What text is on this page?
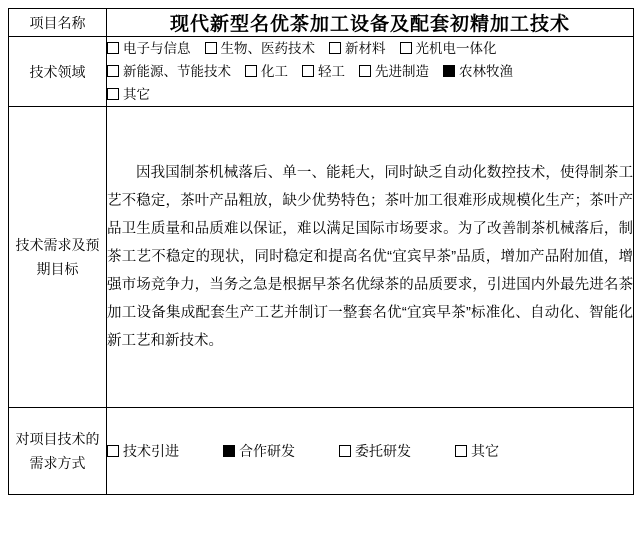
项目名称	现代新型名优茶加工设备及配套初精加工技术

技术领域	电子与信息 生物、医药技术 新材料 光机电一体化
新能源、节能技术 化工 轻工 先进制造 农林牧渔
其它

技术需求及预期目标	因我国制茶机械落后、单一、能耗大，同时缺乏自动化数控技术，使得制茶工艺不稳定，茶叶产品粗放，缺少优势特色；茶叶加工很难形成规模化生产；茶叶产品卫生质量和品质难以保证，难以满足国际市场要求。为了改善制茶机械落后，制茶工艺不稳定的现状，同时稳定和提高名优“宜宾早茶”品质，增加产品附加值，增强市场竞争力，当务之急是根据早茶名优绿茶的品质要求，引进国内外最先进名茶加工设备集成配套生产工艺并制订一整套名优“宜宾早茶”标准化、自动化、智能化新工艺和新技术。

对项目技术的需求方式	技术引进 合作研发 委托研发 其它
